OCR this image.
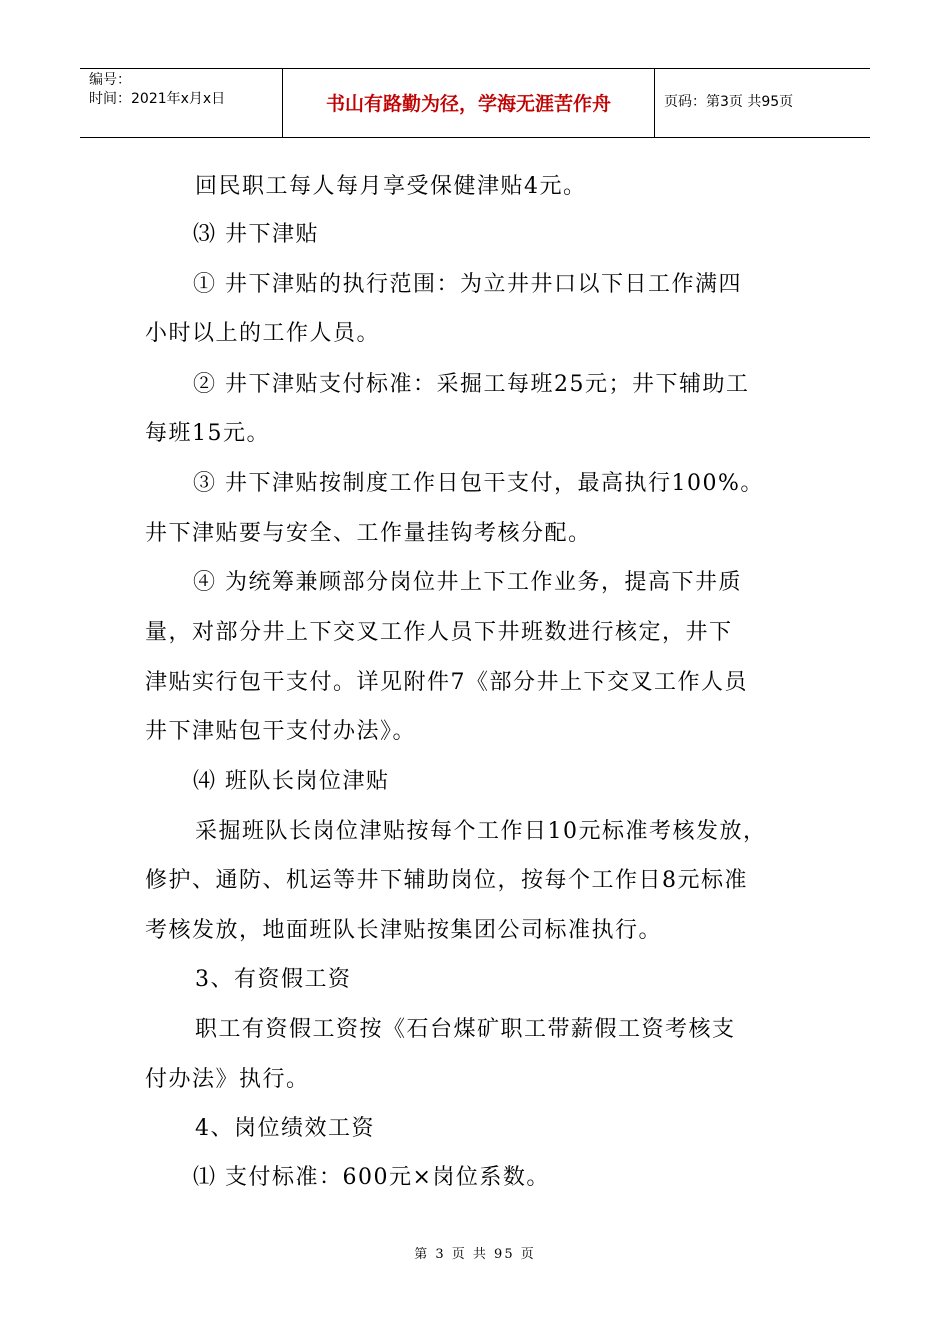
编号：
时间：2021年x月x日	书山有路勤为径，学海无涯苦作舟	页码：第3页 共95页
回民职工每人每月享受保健津贴4元。
⑶ 井下津贴
① 井下津贴的执行范围：为立井井口以下日工作满四
小时以上的工作人员。
② 井下津贴支付标准：采掘工每班25元；井下辅助工
每班15元。
③ 井下津贴按制度工作日包干支付，最高执行100%。
井下津贴要与安全、工作量挂钩考核分配。
④ 为统筹兼顾部分岗位井上下工作业务，提高下井质
量，对部分井上下交叉工作人员下井班数进行核定，井下
津贴实行包干支付。详见附件7《部分井上下交叉工作人员
井下津贴包干支付办法》。
⑷ 班队长岗位津贴
采掘班队长岗位津贴按每个工作日10元标准考核发放，
修护、通防、机运等井下辅助岗位，按每个工作日8元标准
考核发放，地面班队长津贴按集团公司标准执行。
3、有资假工资
职工有资假工资按《石台煤矿职工带薪假工资考核支
付办法》执行。
4、岗位绩效工资
⑴ 支付标准：600元×岗位系数。
第 3 页 共 95 页
